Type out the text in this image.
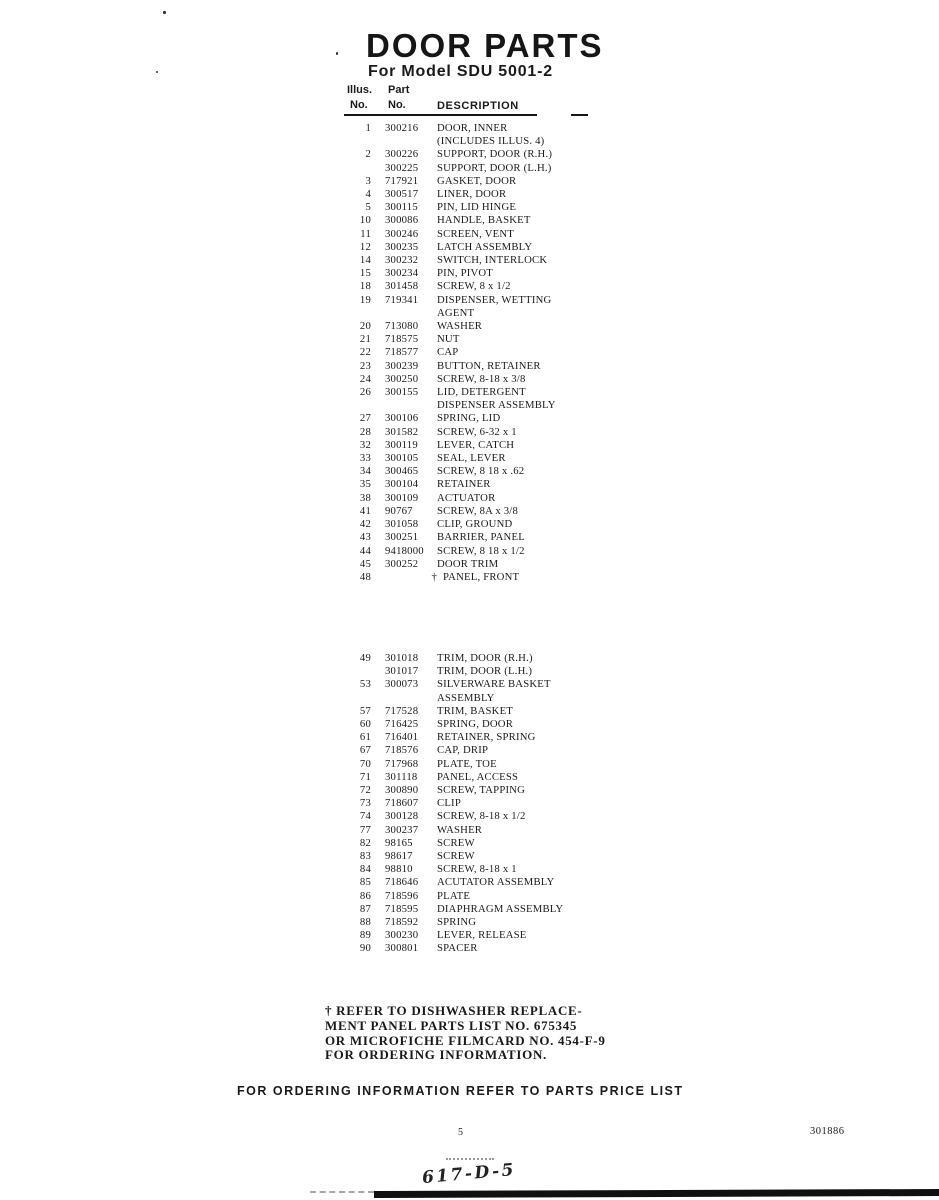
DOOR PARTS
For Model SDU 5001-2
Illus. Part
No. No.	DESCRIPTION
1 300216	DOOR, INNER
(INCLUDES ILLUS. 4)
2 300226	SUPPORT, DOOR (R.H.)
300225	SUPPORT, DOOR (L.H.)
3 717921	GASKET, DOOR
4 300517	LINER, DOOR
5 300115	PIN, LID HINGE
10 300086	HANDLE, BASKET
11 300246	SCREEN, VENT
12 300235	LATCH ASSEMBLY
14 300232	SWITCH, INTERLOCK
15 300234	PIN, PIVOT
18 301458	SCREW, 8 x 1/2
19 719341	DISPENSER, WETTING
AGENT
20 713080	WASHER
21 718575	NUT
22 718577	CAP
23 300239	BUTTON, RETAINER
24 300250	SCREW, 8-18 x 3/8
26 300155	LID, DETERGENT
DISPENSER ASSEMBLY
27 300106	SPRING, LID
28 301582	SCREW, 6-32 x 1
32 300119	LEVER, CATCH
33 300105	SEAL, LEVER
34 300465	SCREW, 8 18 x .62
35 300104	RETAINER
38 300109	ACTUATOR
41 90767	SCREW, 8A x 3/8
42 301058	CLIP, GROUND
43 300251	BARRIER, PANEL
44 9418000	SCREW, 8 18 x 1/2
45 300252	DOOR TRIM
48	† PANEL, FRONT
49 301018	TRIM, DOOR (R.H.)
301017	TRIM, DOOR (L.H.)
53 300073	SILVERWARE BASKET
ASSEMBLY
57 717528	TRIM, BASKET
60 716425	SPRING, DOOR
61 716401	RETAINER, SPRING
67 718576	CAP, DRIP
70 717968	PLATE, TOE
71 301118	PANEL, ACCESS
72 300890	SCREW, TAPPING
73 718607	CLIP
74 300128	SCREW, 8-18 x 1/2
77 300237	WASHER
82 98165	SCREW
83 98617	SCREW
84 98810	SCREW, 8-18 x 1
85 718646	ACUTATOR ASSEMBLY
86 718596	PLATE
87 718595	DIAPHRAGM ASSEMBLY
88 718592	SPRING
89 300230	LEVER, RELEASE
90 300801	SPACER
† REFER TO DISHWASHER REPLACE-
MENT PANEL PARTS LIST NO. 675345
OR MICROFICHE FILMCARD NO. 454-F-9
FOR ORDERING INFORMATION.
FOR ORDERING INFORMATION REFER TO PARTS PRICE LIST
5	301886
617-D-5
